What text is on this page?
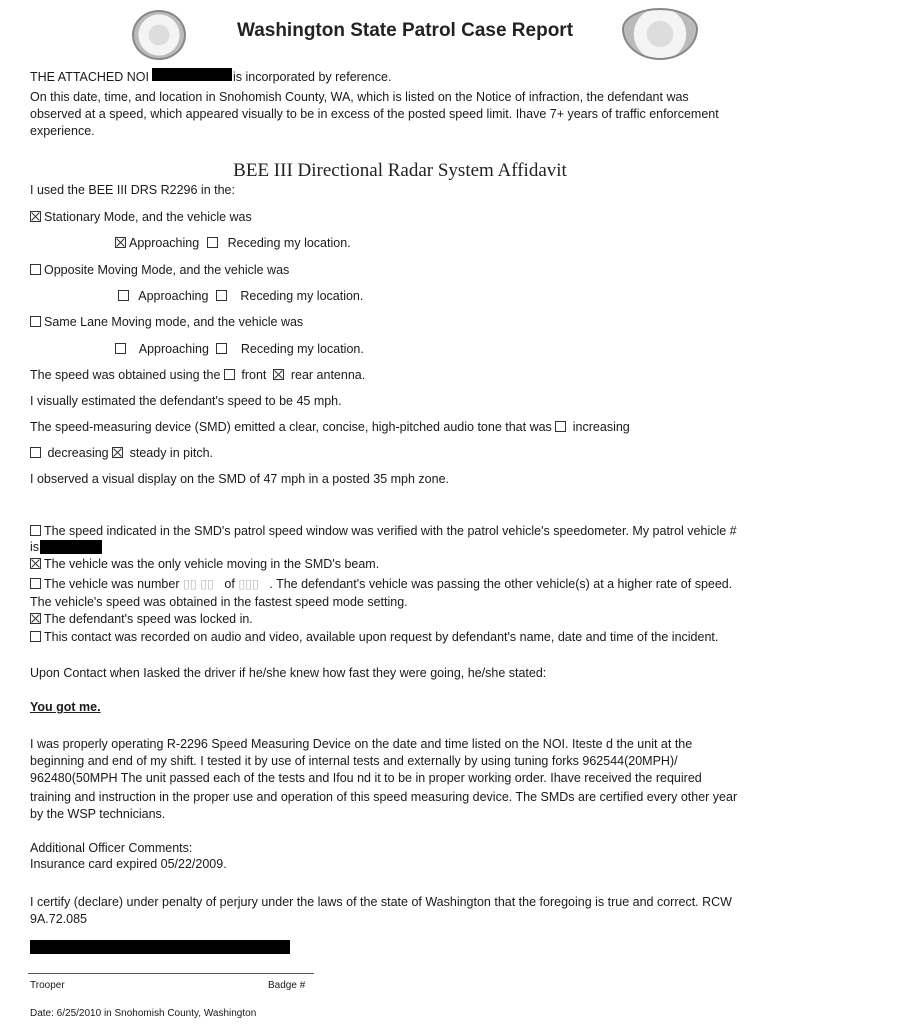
Washington State Patrol Case Report
THE ATTACHED NOI	is incorporated by reference.
On this date, time, and location in Snohomish County, WA, which is listed on the Notice of infraction, the defendant was
observed at a speed, which appeared visually to be in excess of the posted speed limit. Ihave 7+ years of traffic enforcement
experience.
BEE III Directional Radar System Affidavit
I used the BEE III DRS R2296 in the:
Stationary Mode, and the vehicle was
Approaching Receding my location.
Opposite Moving Mode, and the vehicle was
Approaching	Receding my location.
Same Lane Moving mode, and the vehicle was
Approaching	Receding my location.
The speed was obtained using the front rear antenna.
I visually estimated the defendant's speed to be 45 mph.
The speed-measuring device (SMD) emitted a clear, concise, high-pitched audio tone that was increasing
decreasing steady in pitch.
I observed a visual display on the SMD of 47 mph in a posted 35 mph zone.
The speed indicated in the SMD's patrol speed window was verified with the patrol vehicle's speedometer. My patrol vehicle #
is
The vehicle was the only vehicle moving in the SMD's beam.
The vehicle was number ▯▯ ▯▯ of ▯▯▯ . The defendant's vehicle was passing the other vehicle(s) at a higher rate of speed.
The vehicle's speed was obtained in the fastest speed mode setting.
The defendant's speed was locked in.
This contact was recorded on audio and video, available upon request by defendant's name, date and time of the incident.
Upon Contact when Iasked the driver if he/she knew how fast they were going, he/she stated:
You got me.
I was properly operating R-2296 Speed Measuring Device on the date and time listed on the NOI. Iteste d the unit at the
beginning and end of my shift. I tested it by use of internal tests and externally by using tuning forks 962544(20MPH)/
962480(50MPH The unit passed each of the tests and Ifou nd it to be in proper working order. Ihave received the required
training and instruction in the proper use and operation of this speed measuring device. The SMDs are certified every other year
by the WSP technicians.
Additional Officer Comments:
Insurance card expired 05/22/2009.
I certify (declare) under penalty of perjury under the laws of the state of Washington that the foregoing is true and correct. RCW
9A.72.085
Trooper	Badge #
Date: 6/25/2010 in Snohomish County, Washington
